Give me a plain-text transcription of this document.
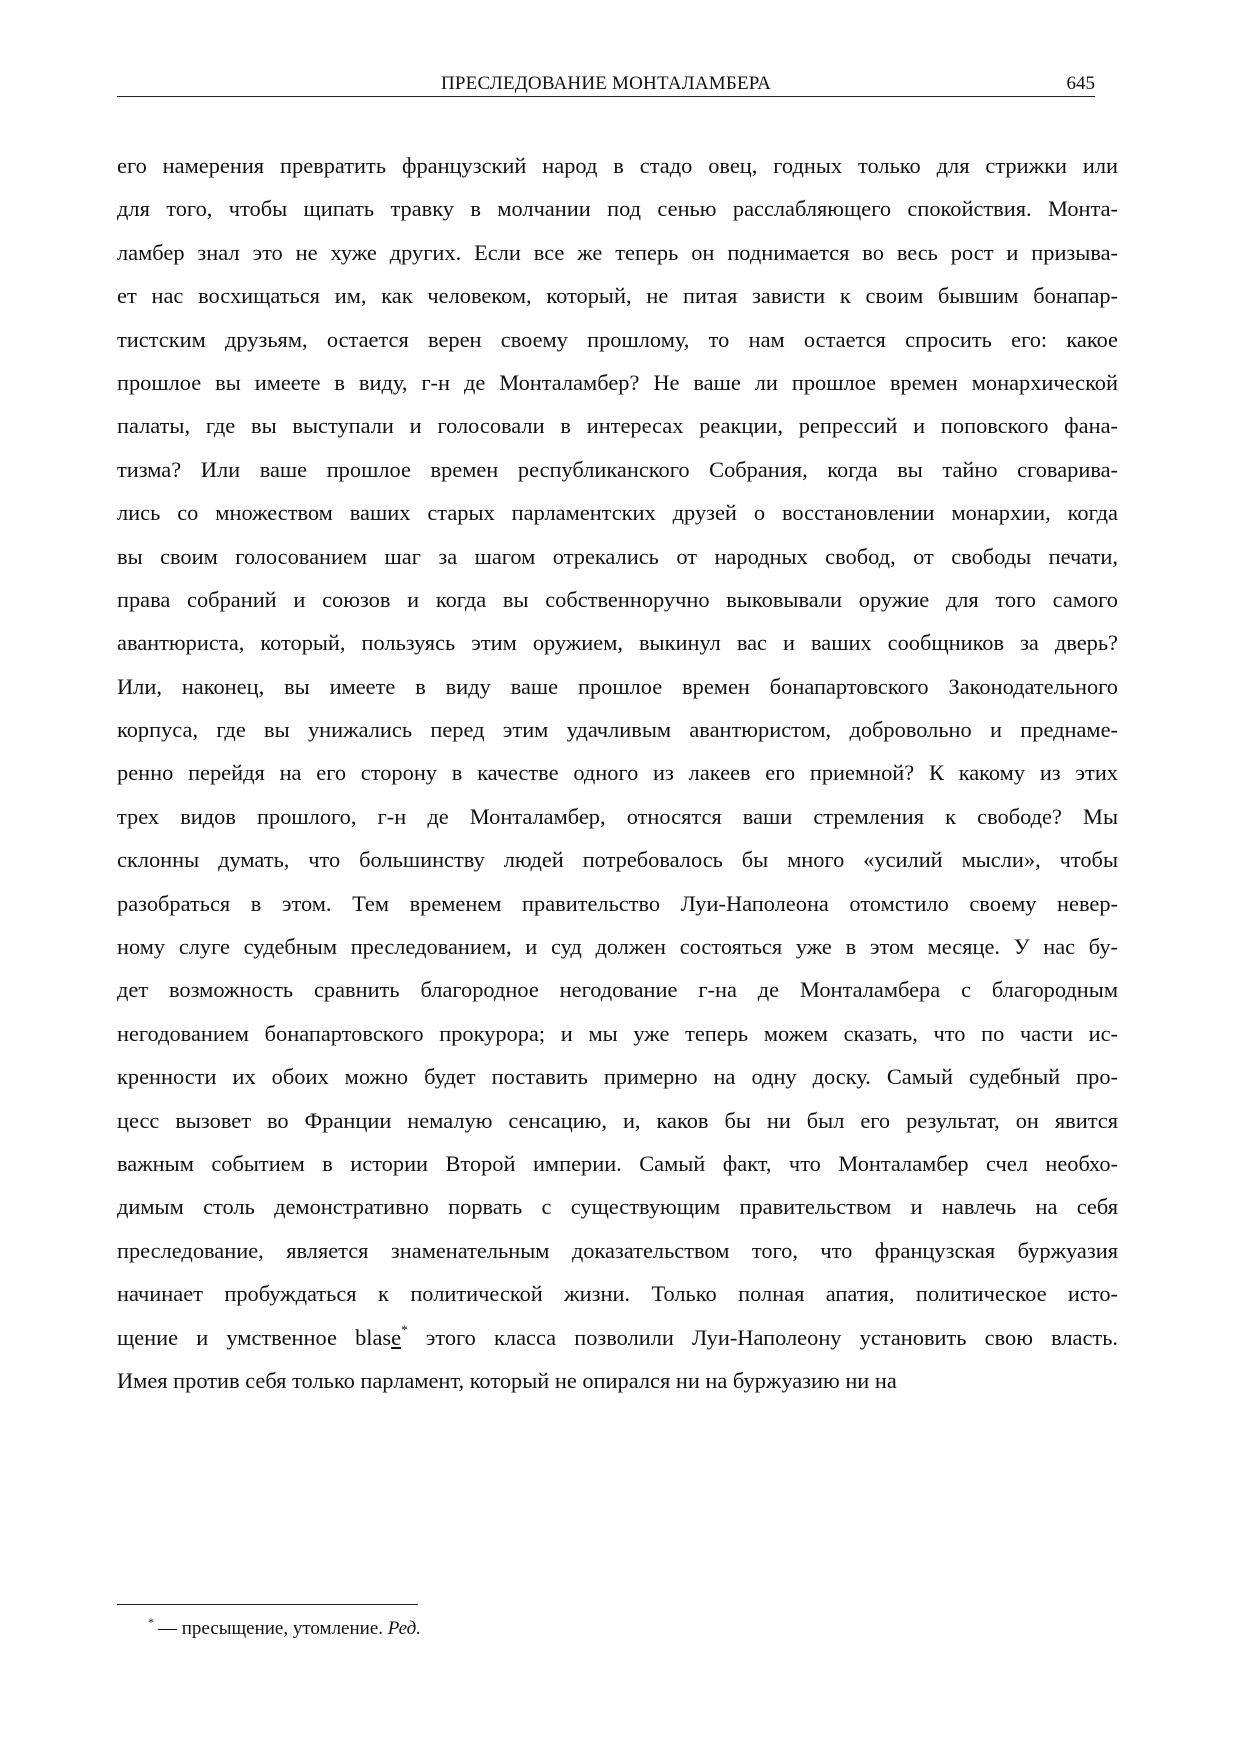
ПРЕСЛЕДОВАНИЕ МОНТАЛАМБЕРА	645
его намерения превратить французский народ в стадо овец, годных только для стрижки или
для того, чтобы щипать травку в молчании под сенью расслабляющего спокойствия. Монта-
ламбер знал это не хуже других. Если все же теперь он поднимается во весь рост и призыва-
ет нас восхищаться им, как человеком, который, не питая зависти к своим бывшим бонапар-
тистским друзьям, остается верен своему прошлому, то нам остается спросить его: какое
прошлое вы имеете в виду, г-н де Монталамбер? Не ваше ли прошлое времен монархической
палаты, где вы выступали и голосовали в интересах реакции, репрессий и поповского фана-
тизма? Или ваше прошлое времен республиканского Собрания, когда вы тайно сговарива-
лись со множеством ваших старых парламентских друзей о восстановлении монархии, когда
вы своим голосованием шаг за шагом отрекались от народных свобод, от свободы печати,
права собраний и союзов и когда вы собственноручно выковывали оружие для того самого
авантюриста, который, пользуясь этим оружием, выкинул вас и ваших сообщников за дверь?
Или, наконец, вы имеете в виду ваше прошлое времен бонапартовского Законодательного
корпуса, где вы унижались перед этим удачливым авантюристом, добровольно и преднаме-
ренно перейдя на его сторону в качестве одного из лакеев его приемной? К какому из этих
трех видов прошлого, г-н де Монталамбер, относятся ваши стремления к свободе? Мы
склонны думать, что большинству людей потребовалось бы много «усилий мысли», чтобы
разобраться в этом. Тем временем правительство Луи-Наполеона отомстило своему невер-
ному слуге судебным преследованием, и суд должен состояться уже в этом месяце. У нас бу-
дет возможность сравнить благородное негодование г-на де Монталамбера с благородным
негодованием бонапартовского прокурора; и мы уже теперь можем сказать, что по части ис-
кренности их обоих можно будет поставить примерно на одну доску. Самый судебный про-
цесс вызовет во Франции немалую сенсацию, и, каков бы ни был его результат, он явится
важным событием в истории Второй империи. Самый факт, что Монталамбер счел необхо-
димым столь демонстративно порвать с существующим правительством и навлечь на себя
преследование, является знаменательным доказательством того, что французская буржуазия
начинает пробуждаться к политической жизни. Только полная апатия, политическое исто-
щение и умственное blase* этого класса позволили Луи-Наполеону установить свою власть.
Имея против себя только парламент, который не опирался ни на буржуазию ни на
* — пресыщение, утомление. Ред.
